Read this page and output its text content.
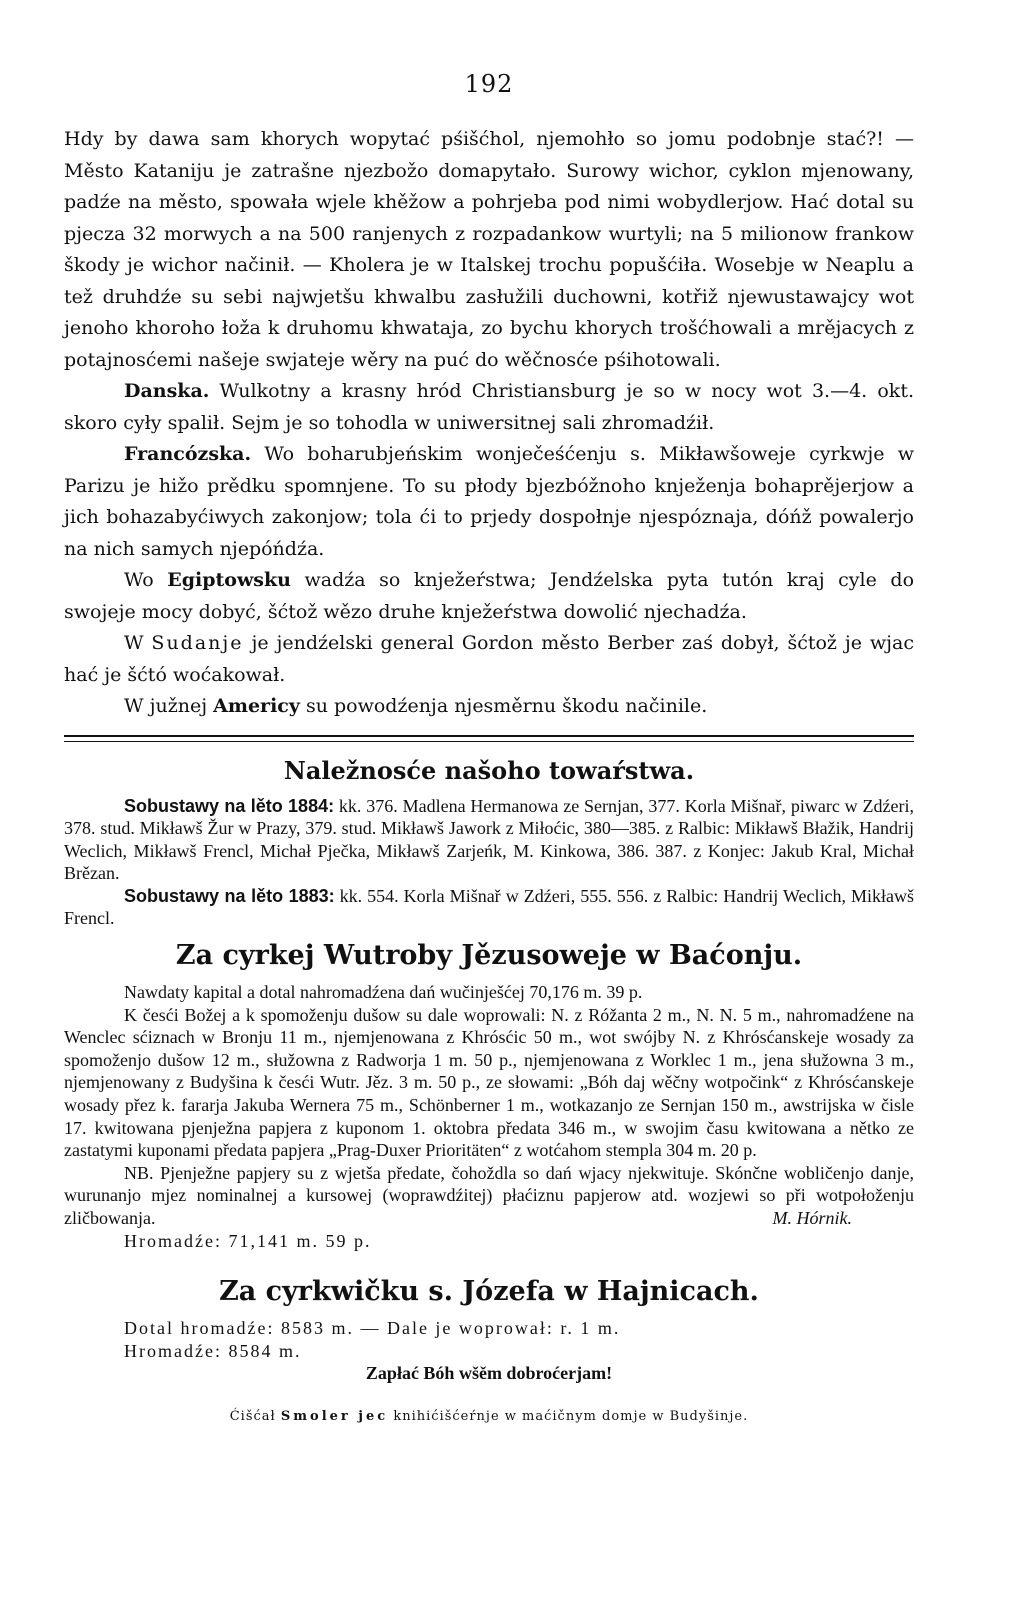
192

Hdy by dawa sam khorych wopytać pśišćhol, njemohło so jomu podobnje stać?! — Město Kataniju je zatrašne njezbožo domapytało. Surowy wichor, cyklon mjenowany, padźe na město, spowała wjele khěžow a pohrjeba pod nimi wobydlerjow. Hać dotal su pjecza 32 morwych a na 500 ranjenych z rozpadankow wurtyli; na 5 milionow frankow škody je wichor načinił. — Kholera je w Italskej trochu popušćiła. Wosebje w Neaplu a tež druhdźe su sebi najwjetšu khwalbu zasłužili duchowni, kotřiž njewustawajcy wot jenoho khoroho łoža k druhomu khwataja, zo bychu khorych trošćhowali a mrějacych z potajnosćemi našeje swjateje wěry na puć do wěčnosće pśihotowali.

Danska. Wulkotny a krasny hród Christiansburg je so w nocy wot 3.—4. okt. skoro cyły spalił. Sejm je so tohodla w uniwersitnej sali zhromadźił.

Francózska. Wo boharubjeńskim wonječeśćenju s. Mikławšoweje cyrkwje w Parizu je hižo prědku spomnjene. To su płody bjezbóžnoho knježenja bohaprějerjow a jich bohazabyćiwych zakonjow; tola ći to prjedy dospołnje njespóznaja, dóńž powalerjo na nich samych njepóńdźa.

Wo Egiptowsku wadźa so knježeŕstwa; Jendźelska pyta tutón kraj cyle do swojeje mocy dobyć, šćtož wězo druhe knježeŕstwa dowolić njechadźa.

W Sudanje je jendźelski general Gordon město Berber zaś dobył, šćtož je wjac hać je šćtó woćakował.

W južnej Americy su powodźenja njesměrnu škodu načinile.

Naležnosće našoho towaŕstwa.

Sobustawy na lěto 1884: kk. 376. Madlena Hermanowa ze Sernjan, 377. Korla Mišnař, piwarc w Zdźeri, 378. stud. Mikławš Žur w Prazy, 379. stud. Mikławš Jawork z Miłoćic, 380—385. z Ralbic: Mikławš Błažik, Handrij Weclich, Mikławš Frencl, Michał Pječka, Mikławš Zarjeńk, M. Kinkowa, 386. 387. z Konjec: Jakub Kral, Michał Brězan.

Sobustawy na lěto 1883: kk. 554. Korla Mišnař w Zdźeri, 555. 556. z Ralbic: Handrij Weclich, Mikławš Frencl.

Za cyrkej Wutroby Jězusoweje w Baćonju.

Nawdaty kapital a dotal nahromadźena dań wučinješćej 70,176 m. 39 p.

K česći Božej a k spomoženju dušow su dale woprowali: N. z Róžanta 2 m., N. N. 5 m., nahromadźene na Wenclec sćiznach w Bronju 11 m., njemjenowana z Khrósćic 50 m., wot swójby N. z Khrósćanskeje wosady za spomoženjo dušow 12 m., słužowna z Radworja 1 m. 50 p., njemjenowana z Worklec 1 m., jena słužowna 3 m., njemjenowany z Budyšina k česći Wutr. Jěz. 3 m. 50 p., ze słowami: „Bóh daj wěčny wotpočink“ z Khrósćanskeje wosady přez k. fararja Jakuba Wernera 75 m., Schönberner 1 m., wotkazanjo ze Sernjan 150 m., awstrijska w čisle 17. kwitowana pjenježna papjera z kuponom 1. oktobra předata 346 m., w swojim času kwitowana a nětko ze zastatymi kuponami předata papjera „Prag-Duxer Prioritäten“ z wotćahom stempla 304 m. 20 p.

NB. Pjenježne papjery su z wjetša předate, čohoždla so dań wjacy njekwituje. Skónčne wobličenjo danje, wurunanjo mjez nominalnej a kursowej (woprawdźitej) płaćiznu papjerow atd. wozjewi so při wotpołoženju zličbowanja.	M. Hórnik.

Hromadźe: 71,141 m. 59 p.

Za cyrkwičku s. Józefa w Hajnicach.

Dotal hromadźe: 8583 m. — Dale je woprował: r. 1 m.

Hromadźe: 8584 m.

Zapłać Bóh wšěm dobroćerjam!

Ćišćał Smoler jec knihićišćeŕnje w maćičnym domje w Budyšinje.
